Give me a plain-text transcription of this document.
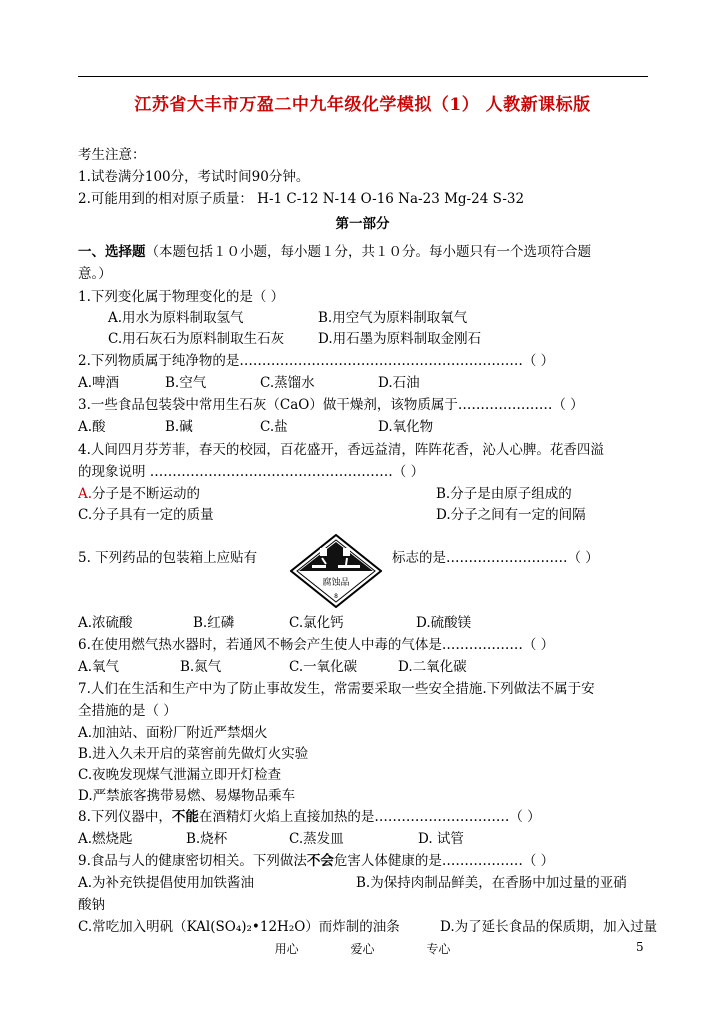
江苏省大丰市万盈二中九年级化学模拟（1） 人教新课标版
考生注意：
1.试卷满分100分，考试时间90分钟。
2.可能用到的相对原子质量： H-1 C-12 N-14 O-16 Na-23 Mg-24 S-32
第一部分
一、选择题（本题包括１０小题，每小题１分，共１０分。每小题只有一个选项符合题
意。）
1.下列变化属于物理变化的是（ ）
A.用水为原料制取氢气	B.用空气为原料制取氧气
C.用石灰石为原料制取生石灰	D.用石墨为原料制取金刚石
2.下列物质属于纯净物的是………………………………………………………（ ）
A.啤酒	B.空气	C.蒸馏水	D.石油
3.一些食品包装袋中常用生石灰（CaO）做干燥剂，该物质属于…………………（ ）
A.酸	B.碱	C.盐	D.氧化物
4.人间四月芬芳菲，春天的校园，百花盛开，香远益清，阵阵花香，沁人心脾。花香四溢
的现象说明 ………………………………………………（ ）
A.分子是不断运动的	B.分子是由原子组成的
C.分子具有一定的质量	D.分子之间有一定的间隔
5. 下列药品的包装箱上应贴有
腐蚀品
8
标志的是………………………（ ）
A.浓硫酸	B.红磷	C.氯化钙	D.硫酸镁
6.在使用燃气热水器时，若通风不畅会产生使人中毒的气体是………………（ ）
A.氧气	B.氮气	C.一氧化碳	D.二氧化碳
7.人们在生活和生产中为了防止事故发生，常需要采取一些安全措施.下列做法不属于安
全措施的是（ ）
A.加油站、面粉厂附近严禁烟火
B.进入久未开启的菜窖前先做灯火实验
C.夜晚发现煤气泄漏立即开灯检查
D.严禁旅客携带易燃、易爆物品乘车
8.下列仪器中，不能在酒精灯火焰上直接加热的是…………………………（ ）
A.燃烧匙	B.烧杯	C.蒸发皿	D. 试管
9.食品与人的健康密切相关。下列做法不会危害人体健康的是………………（ ）
A.为补充铁提倡使用加铁酱油	B.为保持肉制品鲜美，在香肠中加过量的亚硝
酸钠
C.常吃加入明矾（KAl(SO₄)₂•12H₂O）而炸制的油条	D.为了延长食品的保质期，加入过量
用心	爱心	专心	5
